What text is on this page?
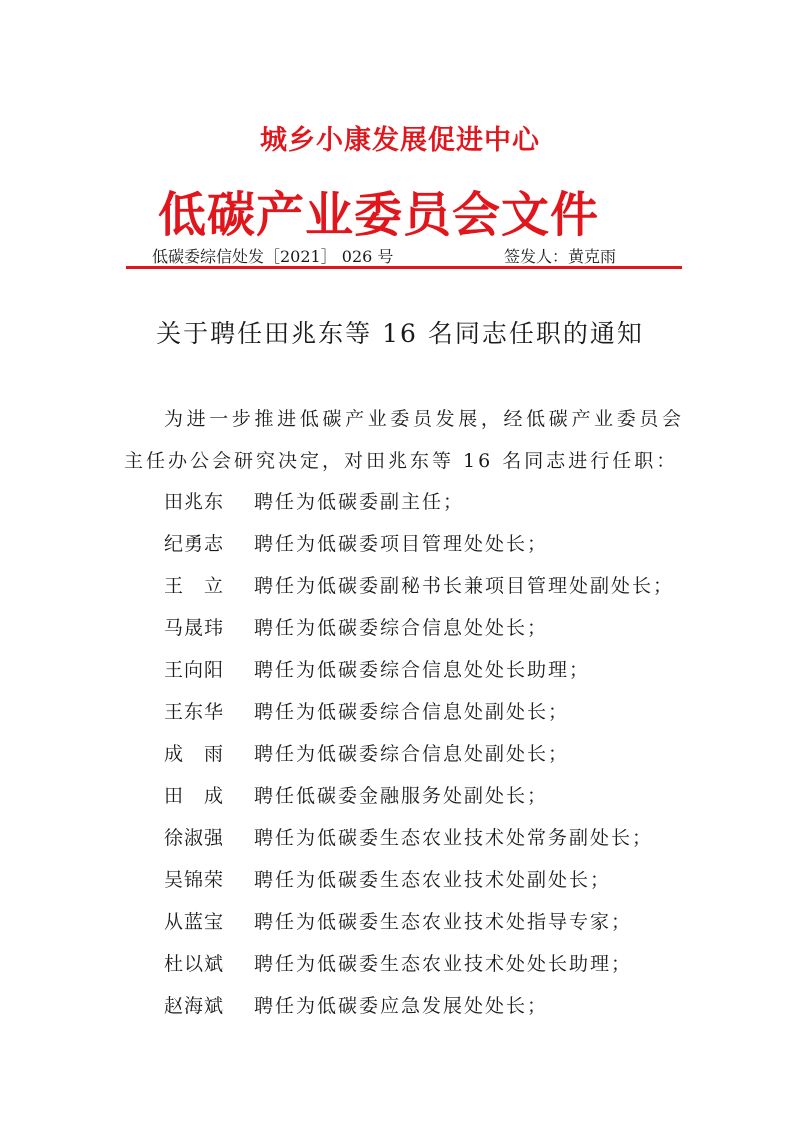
城乡小康发展促进中心
低碳产业委员会文件
低碳委综信处发［2021］ 026 号	签发人：黄克雨
关于聘任田兆东等 16 名同志任职的通知
为进一步推进低碳产业委员发展，经低碳产业委员会主任办公会研究决定，对田兆东等 16 名同志进行任职：
田兆东	聘任为低碳委副主任；
纪勇志	聘任为低碳委项目管理处处长；
王　立	聘任为低碳委副秘书长兼项目管理处副处长；
马晟玮	聘任为低碳委综合信息处处长；
王向阳	聘任为低碳委综合信息处处长助理；
王东华	聘任为低碳委综合信息处副处长；
成　雨	聘任为低碳委综合信息处副处长；
田　成	聘任低碳委金融服务处副处长；
徐淑强	聘任为低碳委生态农业技术处常务副处长；
吴锦荣	聘任为低碳委生态农业技术处副处长；
从蓝宝	聘任为低碳委生态农业技术处指导专家；
杜以斌	聘任为低碳委生态农业技术处处长助理；
赵海斌	聘任为低碳委应急发展处处长；
